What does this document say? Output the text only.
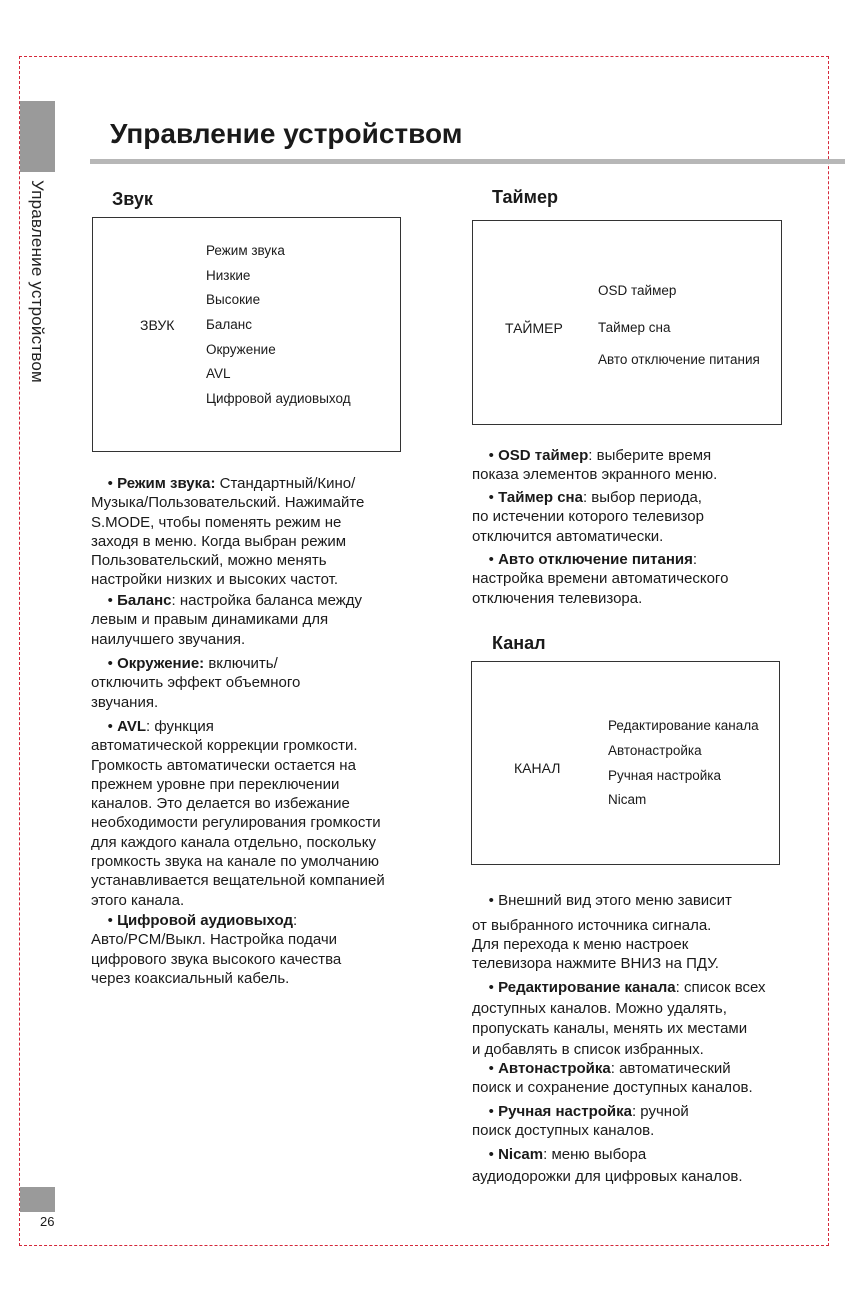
Управление устройством
Управление устройством
Звук
ЗВУК
Режим звука
Низкие
Высокие
Баланс
Окружение
AVL
Цифровой аудиовыход
• Режим звука: Стандартный/Кино/
Музыка/Пользовательский. Нажимайте
S.MODE, чтобы поменять режим не
заходя в меню. Когда выбран режим
Пользовательский, можно менять
настройки низких и высоких частот.
• Баланс: настройка баланса между
левым и правым динамиками для
наилучшего звучания.
• Окружение: включить/
отключить эффект объемного
звучания.
• AVL: функция
автоматической коррекции громкости.
Громкость автоматически остается на
прежнем уровне при переключении
каналов. Это делается во избежание
необходимости регулирования громкости
для каждого канала отдельно, поскольку
громкость звука на канале по умолчанию
устанавливается вещательной компанией
этого канала.
• Цифровой аудиовыход:
Авто/PCM/Выкл. Настройка подачи
цифрового звука высокого качества
через коаксиальный кабель.
Таймер
ТАЙМЕР
OSD таймер
Таймер сна
Авто отключение питания
• OSD таймер: выберите время
показа элементов экранного меню.
• Таймер сна: выбор периода,
по истечении которого телевизор
отключится автоматически.
• Авто отключение питания:
настройка времени автоматического
отключения телевизора.
Канал
КАНАЛ
Редактирование канала
Автонастройка
Ручная настройка
Nicam
• Внешний вид этого меню зависит
от выбранного источника сигнала.
Для перехода к меню настроек
телевизора нажмите ВНИЗ на ПДУ.
• Редактирование канала: список всех
доступных каналов. Можно удалять,
пропускать каналы, менять их местами
и добавлять в список избранных.
• Автонастройка: автоматический
поиск и сохранение доступных каналов.
• Ручная настройка: ручной
поиск доступных каналов.
• Nicam: меню выбора
аудиодорожки для цифровых каналов.
26
